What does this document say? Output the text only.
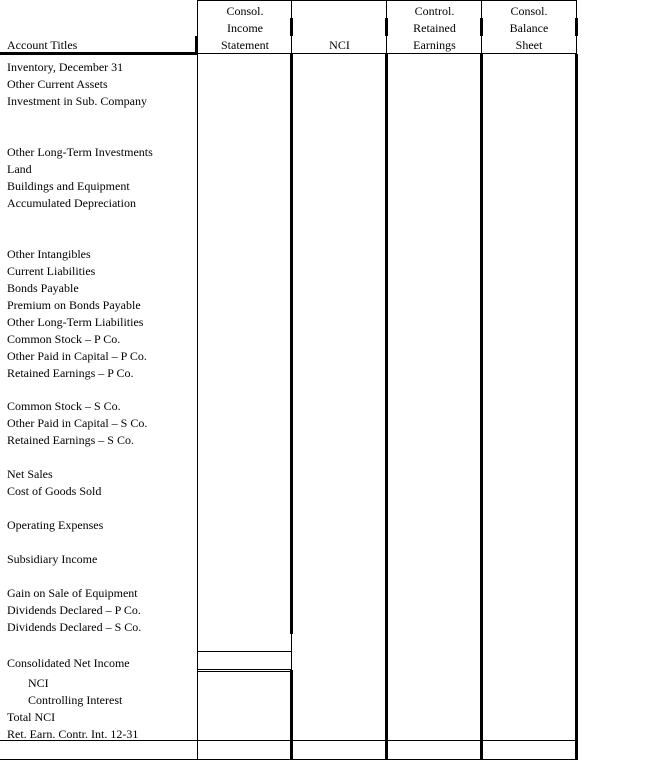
Account Titles
Consol.
Income
Statement	NCI
Control.
Retained
Earnings
Consol.
Balance
Sheet
Inventory, December 31
Other Current Assets
Investment in Sub. Company
Other Long-Term Investments
Land
Buildings and Equipment
Accumulated Depreciation
Other Intangibles
Current Liabilities
Bonds Payable
Premium on Bonds Payable
Other Long-Term Liabilities
Common Stock – P Co.
Other Paid in Capital – P Co.
Retained Earnings – P Co.
Common Stock – S Co.
Other Paid in Capital – S Co.
Retained Earnings – S Co.
Net Sales
Cost of Goods Sold
Operating Expenses
Subsidiary Income
Gain on Sale of Equipment
Dividends Declared – P Co.
Dividends Declared – S Co.
Consolidated Net Income
NCI
Controlling Interest
Total NCI
Ret. Earn. Contr. Int. 12-31
